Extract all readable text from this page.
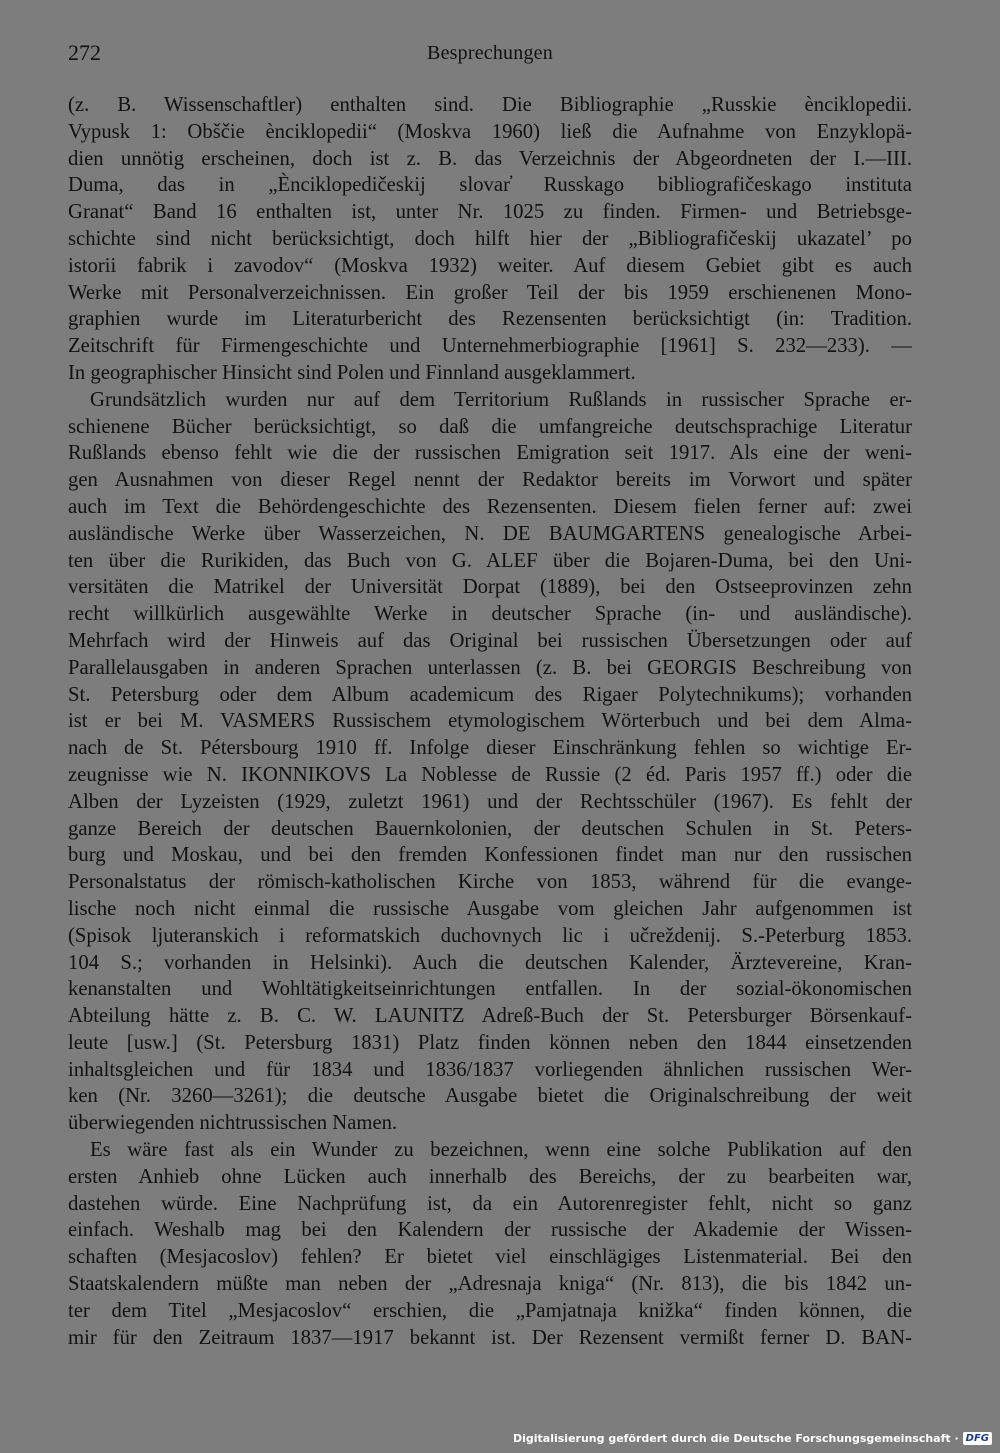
272	Besprechungen
(z. B. Wissenschaftler) enthalten sind. Die Bibliographie „Russkie ènciklopedii.
Vypusk 1: Obščie ènciklopedii“ (Moskva 1960) ließ die Aufnahme von Enzyklopä-
dien unnötig erscheinen, doch ist z. B. das Verzeichnis der Abgeordneten der I.—III.
Duma, das in „Ènciklopedičeskij slovar̕ Russkago bibliografičeskago instituta
Granat“ Band 16 enthalten ist, unter Nr. 1025 zu finden. Firmen- und Betriebsge-
schichte sind nicht berücksichtigt, doch hilft hier der „Bibliografičeskij ukazatel’ po
istorii fabrik i zavodov“ (Moskva 1932) weiter. Auf diesem Gebiet gibt es auch
Werke mit Personalverzeichnissen. Ein großer Teil der bis 1959 erschienenen Mono-
graphien wurde im Literaturbericht des Rezensenten berücksichtigt (in: Tradition.
Zeitschrift für Firmengeschichte und Unternehmerbiographie [1961] S. 232—233). —
In geographischer Hinsicht sind Polen und Finnland ausgeklammert.
Grundsätzlich wurden nur auf dem Territorium Rußlands in russischer Sprache er-
schienene Bücher berücksichtigt, so daß die umfangreiche deutschsprachige Literatur
Rußlands ebenso fehlt wie die der russischen Emigration seit 1917. Als eine der weni-
gen Ausnahmen von dieser Regel nennt der Redaktor bereits im Vorwort und später
auch im Text die Behördengeschichte des Rezensenten. Diesem fielen ferner auf: zwei
ausländische Werke über Wasserzeichen, N. DE BAUMGARTENS genealogische Arbei-
ten über die Rurikiden, das Buch von G. ALEF über die Bojaren-Duma, bei den Uni-
versitäten die Matrikel der Universität Dorpat (1889), bei den Ostseeprovinzen zehn
recht willkürlich ausgewählte Werke in deutscher Sprache (in- und ausländische).
Mehrfach wird der Hinweis auf das Original bei russischen Übersetzungen oder auf
Parallelausgaben in anderen Sprachen unterlassen (z. B. bei GEORGIS Beschreibung von
St. Petersburg oder dem Album academicum des Rigaer Polytechnikums); vorhanden
ist er bei M. VASMERS Russischem etymologischem Wörterbuch und bei dem Alma-
nach de St. Pétersbourg 1910 ff. Infolge dieser Einschränkung fehlen so wichtige Er-
zeugnisse wie N. IKONNIKOVS La Noblesse de Russie (2 éd. Paris 1957 ff.) oder die
Alben der Lyzeisten (1929, zuletzt 1961) und der Rechtsschüler (1967). Es fehlt der
ganze Bereich der deutschen Bauernkolonien, der deutschen Schulen in St. Peters-
burg und Moskau, und bei den fremden Konfessionen findet man nur den russischen
Personalstatus der römisch-katholischen Kirche von 1853, während für die evange-
lische noch nicht einmal die russische Ausgabe vom gleichen Jahr aufgenommen ist
(Spisok ljuteranskich i reformatskich duchovnych lic i učreždenij. S.-Peterburg 1853.
104 S.; vorhanden in Helsinki). Auch die deutschen Kalender, Ärztevereine, Kran-
kenanstalten und Wohltätigkeitseinrichtungen entfallen. In der sozial-ökonomischen
Abteilung hätte z. B. C. W. LAUNITZ Adreß-Buch der St. Petersburger Börsenkauf-
leute [usw.] (St. Petersburg 1831) Platz finden können neben den 1844 einsetzenden
inhaltsgleichen und für 1834 und 1836/1837 vorliegenden ähnlichen russischen Wer-
ken (Nr. 3260—3261); die deutsche Ausgabe bietet die Originalschreibung der weit
überwiegenden nichtrussischen Namen.
Es wäre fast als ein Wunder zu bezeichnen, wenn eine solche Publikation auf den
ersten Anhieb ohne Lücken auch innerhalb des Bereichs, der zu bearbeiten war,
dastehen würde. Eine Nachprüfung ist, da ein Autorenregister fehlt, nicht so ganz
einfach. Weshalb mag bei den Kalendern der russische der Akademie der Wissen-
schaften (Mesjacoslov) fehlen? Er bietet viel einschlägiges Listenmaterial. Bei den
Staatskalendern müßte man neben der „Adresnaja kniga“ (Nr. 813), die bis 1842 un-
ter dem Titel „Mesjacoslov“ erschien, die „Pamjatnaja knižka“ finden können, die
mir für den Zeitraum 1837—1917 bekannt ist. Der Rezensent vermißt ferner D. BAN-
Digitalisierung gefördert durch die Deutsche Forschungsgemeinschaft · DFG
